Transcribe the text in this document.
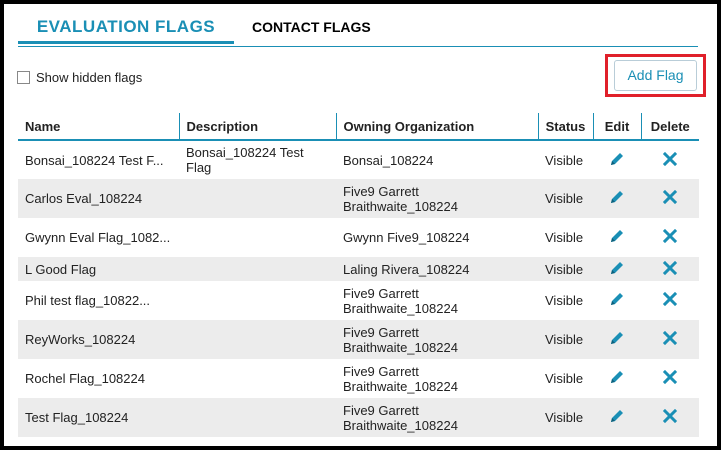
EVALUATION FLAGS	CONTACT FLAGS
Show hidden flags	Add Flag
Name	Description	Owning Organization	Status	Edit	Delete
Bonsai_108224 Test F...	Bonsai_108224 Test Flag	Bonsai_108224	Visible		
Carlos Eval_108224		Five9 Garrett Braithwaite_108224	Visible		
Gwynn Eval Flag_1082...		Gwynn Five9_108224	Visible		
L Good Flag		Laling Rivera_108224	Visible		
Phil test flag_10822...		Five9 Garrett Braithwaite_108224	Visible		
ReyWorks_108224		Five9 Garrett Braithwaite_108224	Visible		
Rochel Flag_108224		Five9 Garrett Braithwaite_108224	Visible		
Test Flag_108224		Five9 Garrett Braithwaite_108224	Visible		
